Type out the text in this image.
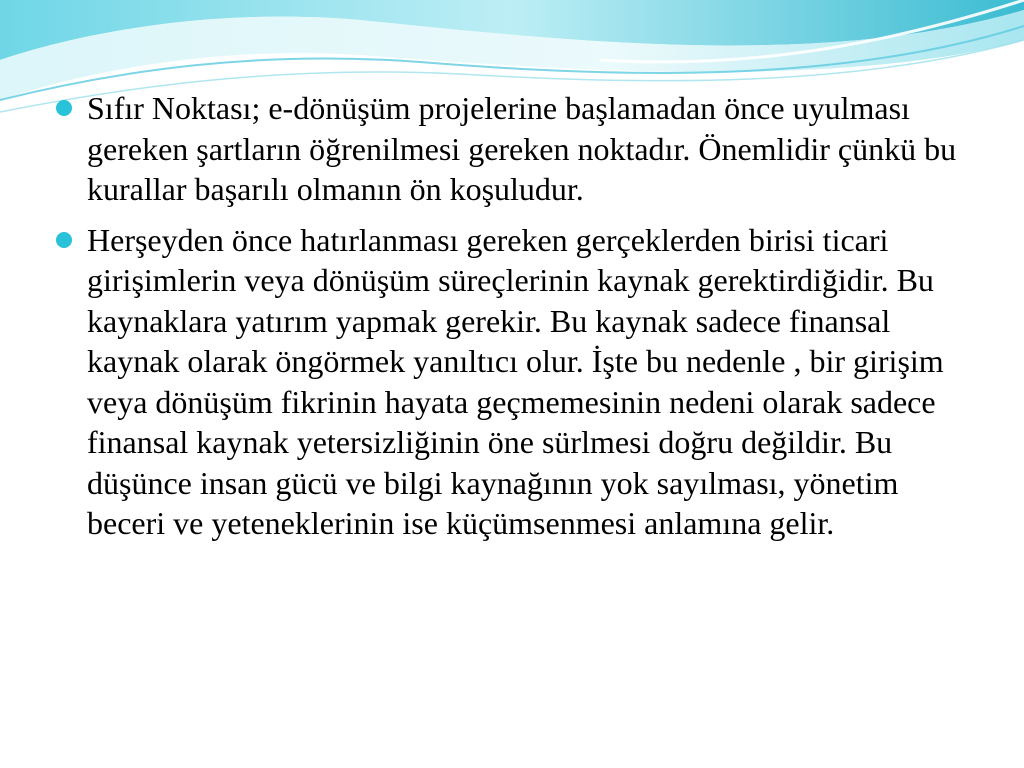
Sıfır Noktası; e-dönüşüm projelerine başlamadan önce uyulması gereken şartların öğrenilmesi gereken noktadır. Önemlidir çünkü bu kurallar başarılı olmanın ön koşuludur.
Herşeyden önce hatırlanması gereken gerçeklerden birisi ticari girişimlerin veya dönüşüm süreçlerinin kaynak gerektirdiğidir. Bu kaynaklara yatırım yapmak gerekir. Bu kaynak sadece finansal kaynak olarak öngörmek yanıltıcı olur. İşte bu nedenle , bir girişim veya dönüşüm fikrinin hayata geçmemesinin nedeni olarak sadece finansal kaynak yetersizliğinin öne sürlmesi doğru değildir. Bu düşünce insan gücü ve bilgi kaynağının yok sayılması, yönetim beceri ve yeteneklerinin ise küçümsenmesi anlamına gelir.
